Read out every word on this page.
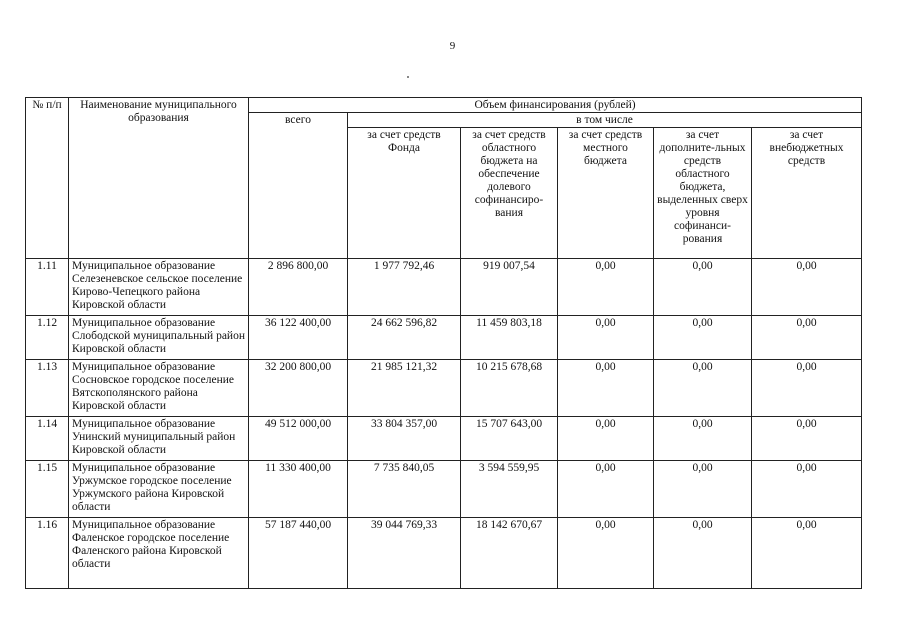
9
№ п/п	Наименование муниципального образования	Объем финансирования (рублей)					
		всего	в том числе				
			за счет средств Фонда	за счет средств областного бюджета на обеспечение долевого софинансиро-вания	за счет средств местного бюджета	за счет дополните-льных средств областного бюджета, выделенных сверх уровня софинанси-рования	за счет внебюджетных средств
1.11	Муниципальное образование Селезеневское сельское поселение Кирово-Чепецкого района Кировской области	2 896 800,00	1 977 792,46	919 007,54	0,00	0,00	0,00
1.12	Муниципальное образование Слободской муниципальный район Кировской области	36 122 400,00	24 662 596,82	11 459 803,18	0,00	0,00	0,00
1.13	Муниципальное образование Сосновское городское поселение Вятскополянского района Кировской области	32 200 800,00	21 985 121,32	10 215 678,68	0,00	0,00	0,00
1.14	Муниципальное образование Унинский муниципальный район Кировской области	49 512 000,00	33 804 357,00	15 707 643,00	0,00	0,00	0,00
1.15	Муниципальное образование Уржумское городское поселение Уржумского района Кировской области	11 330 400,00	7 735 840,05	3 594 559,95	0,00	0,00	0,00
1.16	Муниципальное образование Фаленское городское поселение Фаленского района Кировской области	57 187 440,00	39 044 769,33	18 142 670,67	0,00	0,00	0,00
